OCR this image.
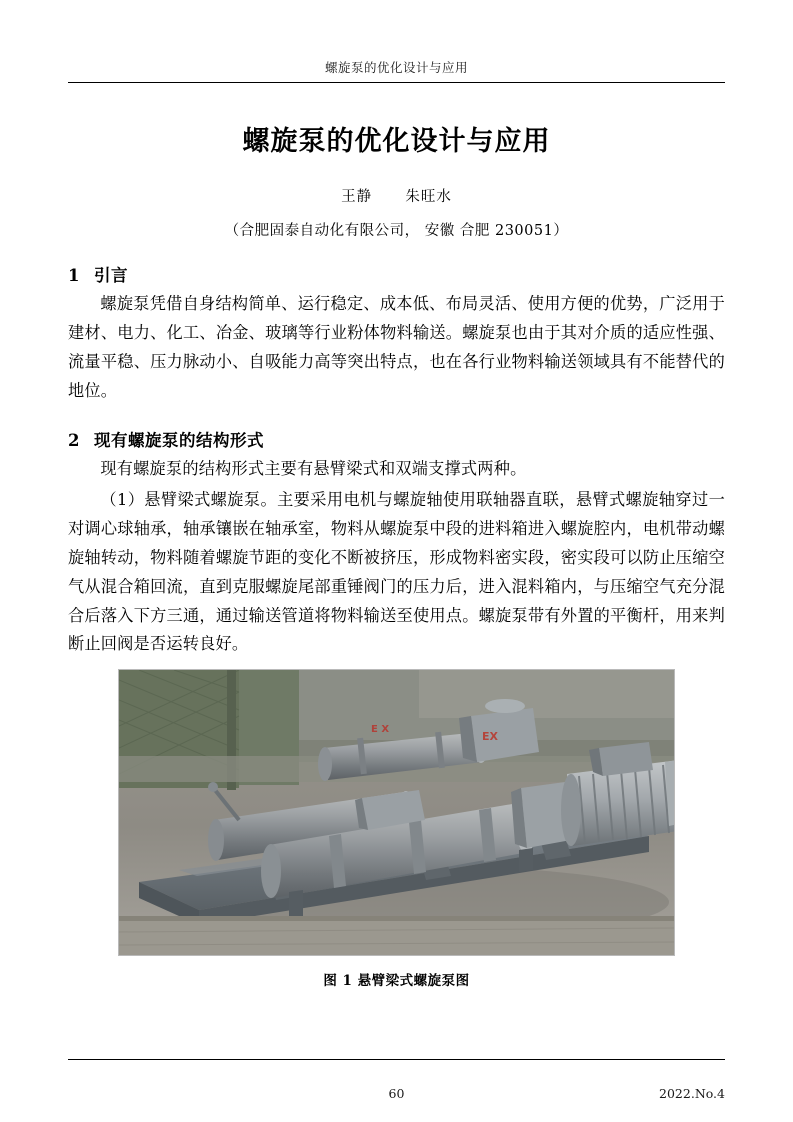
螺旋泵的优化设计与应用
螺旋泵的优化设计与应用
王静 朱旺水
（合肥固泰自动化有限公司， 安徽 合肥 230051）
1 引言

螺旋泵凭借自身结构简单、运行稳定、成本低、布局灵活、使用方便的优势，广泛用于建材、电力、化工、冶金、玻璃等行业粉体物料输送。螺旋泵也由于其对介质的适应性强、流量平稳、压力脉动小、自吸能力高等突出特点，也在各行业物料输送领域具有不能替代的地位。

2 现有螺旋泵的结构形式

现有螺旋泵的结构形式主要有悬臂梁式和双端支撑式两种。

（1）悬臂梁式螺旋泵。主要采用电机与螺旋轴使用联轴器直联，悬臂式螺旋轴穿过一对调心球轴承，轴承镶嵌在轴承室，物料从螺旋泵中段的进料箱进入螺旋腔内，电机带动螺旋轴转动，物料随着螺旋节距的变化不断被挤压，形成物料密实段，密实段可以防止压缩空气从混合箱回流，直到克服螺旋尾部重锤阀门的压力后，进入混料箱内，与压缩空气充分混合后落入下方三通，通过输送管道将物料输送至使用点。螺旋泵带有外置的平衡杆，用来判断止回阀是否运转良好。

EX
E X
图 1 悬臂梁式螺旋泵图
60	2022.No.4
